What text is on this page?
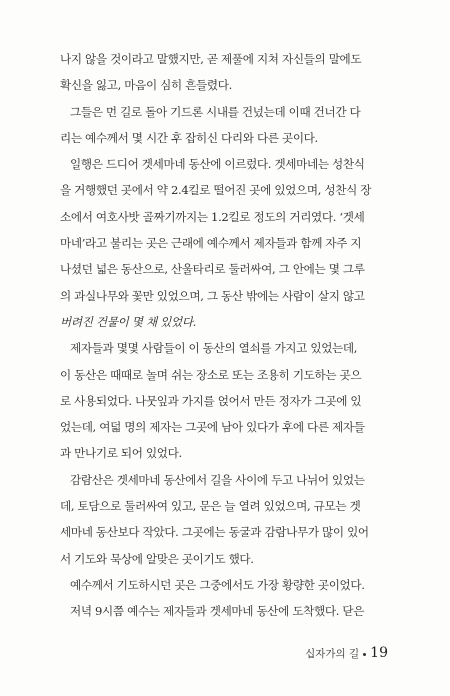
나지 않을 것이라고 말했지만, 곧 제풀에 지쳐 자신들의 말에도
확신을 잃고, 마음이 심히 흔들렸다.
그들은 먼 길로 돌아 기드론 시내를 건넜는데 이때 건너간 다
리는 예수께서 몇 시간 후 잡히신 다리와 다른 곳이다.
일행은 드디어 겟세마네 동산에 이르렀다. 겟세마네는 성찬식
을 거행했던 곳에서 약 2.4킬로 떨어진 곳에 있었으며, 성찬식 장
소에서 여호사밧 골짜기까지는 1.2킬로 정도의 거리였다. ‘겟세
마네’라고 불리는 곳은 근래에 예수께서 제자들과 함께 자주 지
나셨던 넓은 동산으로, 산울타리로 둘러싸여, 그 안에는 몇 그루
의 과실나무와 꽃만 있었으며, 그 동산 밖에는 사람이 살지 않고
버려진 건물이 몇 채 있었다.
제자들과 몇몇 사람들이 이 동산의 열쇠를 가지고 있었는데,
이 동산은 때때로 놀며 쉬는 장소로 또는 조용히 기도하는 곳으
로 사용되었다. 나뭇잎과 가지를 얹어서 만든 정자가 그곳에 있
었는데, 여덟 명의 제자는 그곳에 남아 있다가 후에 다른 제자들
과 만나기로 되어 있었다.
감람산은 겟세마네 동산에서 길을 사이에 두고 나뉘어 있었는
데, 토담으로 둘러싸여 있고, 문은 늘 열려 있었으며, 규모는 겟
세마네 동산보다 작았다. 그곳에는 동굴과 감람나무가 많이 있어
서 기도와 묵상에 알맞은 곳이기도 했다.
예수께서 기도하시던 곳은 그중에서도 가장 황량한 곳이었다.
저녁 9시쯤 예수는 제자들과 겟세마네 동산에 도착했다. 닫은
십자가의 길 19
